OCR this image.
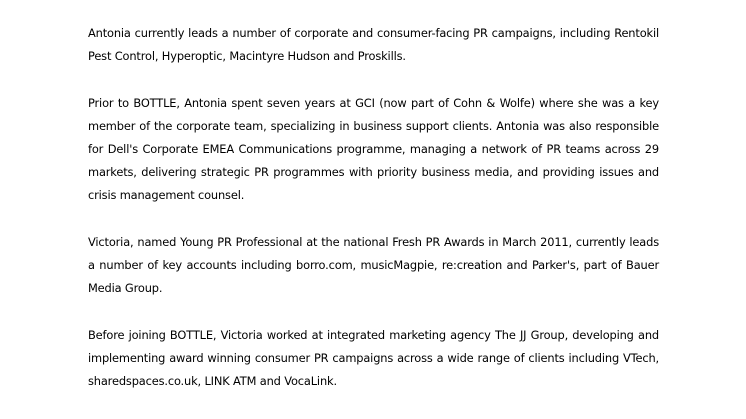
Antonia currently leads a number of corporate and consumer-facing PR campaigns, including Rentokil Pest Control, Hyperoptic, Macintyre Hudson and Proskills.

Prior to BOTTLE, Antonia spent seven years at GCI (now part of Cohn & Wolfe) where she was a key member of the corporate team, specializing in business support clients. Antonia was also responsible for Dell's Corporate EMEA Communications programme, managing a network of PR teams across 29 markets, delivering strategic PR programmes with priority business media, and providing issues and crisis management counsel.

Victoria, named Young PR Professional at the national Fresh PR Awards in March 2011, currently leads a number of key accounts including borro.com, musicMagpie, re:creation and Parker's, part of Bauer Media Group.

Before joining BOTTLE, Victoria worked at integrated marketing agency The JJ Group, developing and implementing award winning consumer PR campaigns across a wide range of clients including VTech, sharedspaces.co.uk, LINK ATM and VocaLink.
